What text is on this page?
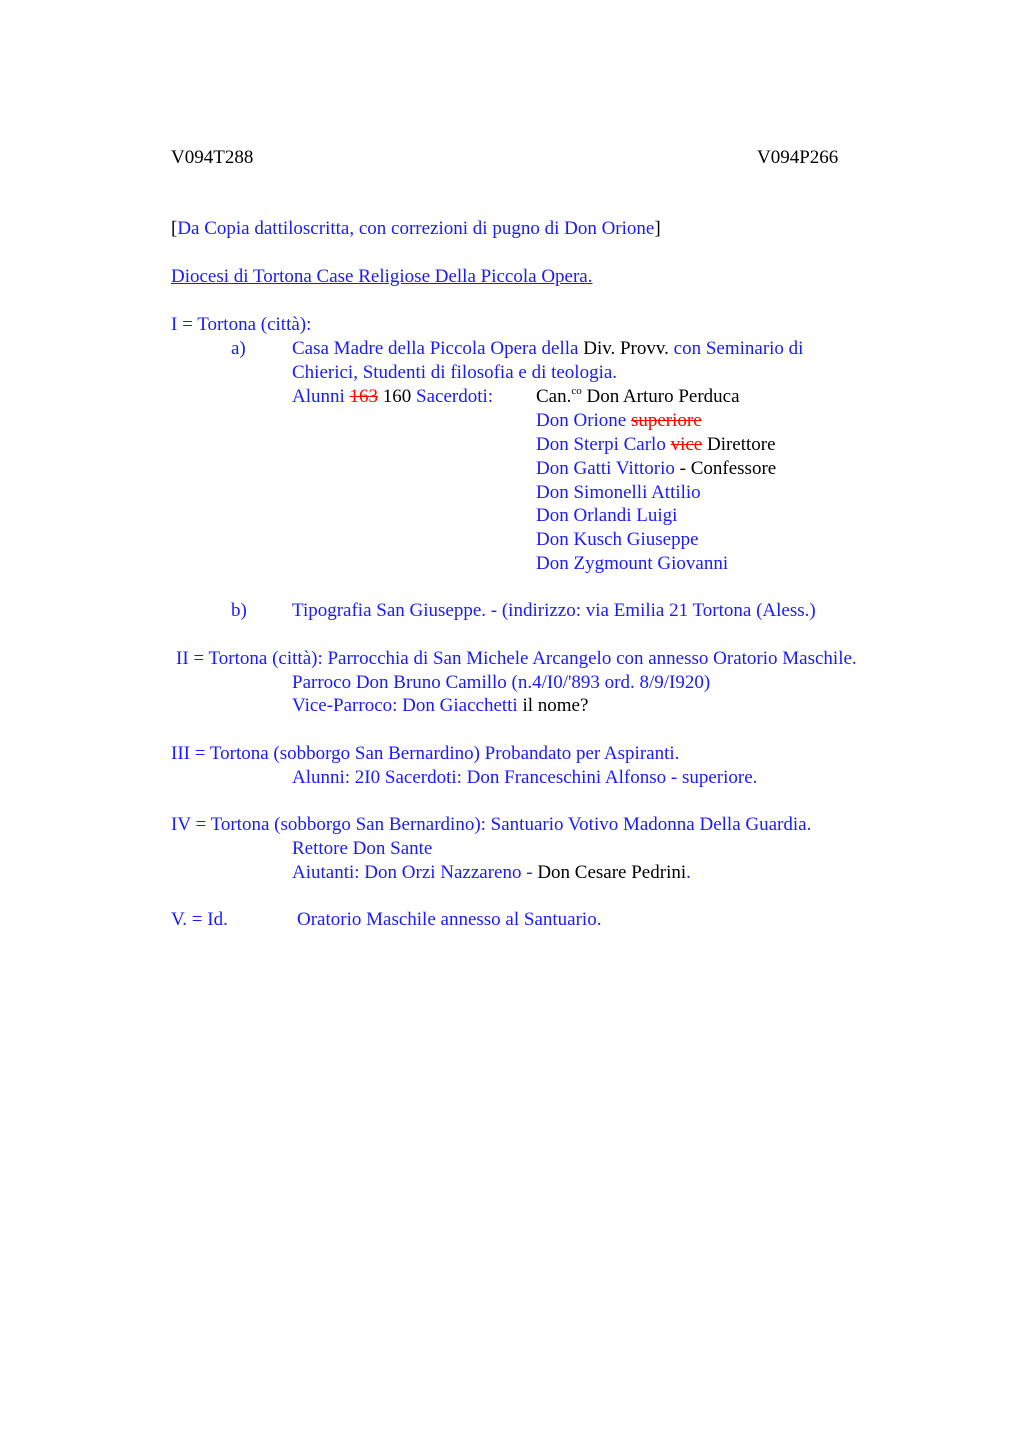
V094T288	V094P266
[Da Copia dattiloscritta, con correzioni di pugno di Don Orione]
Diocesi di Tortona Case Religiose Della Piccola Opera.
I = Tortona (città):
a) Casa Madre della Piccola Opera della Div. Provv. con Seminario di
Chierici, Studenti di filosofia e di teologia.
Alunni 163 160 Sacerdoti: Can.$^{co}$ Don Arturo Perduca
Don Orione superiore
Don Sterpi Carlo vice Direttore
Don Gatti Vittorio - Confessore
Don Simonelli Attilio
Don Orlandi Luigi
Don Kusch Giuseppe
Don Zygmount Giovanni
b) Tipografia San Giuseppe. - (indirizzo: via Emilia 21 Tortona (Aless.)
II = Tortona (città): Parrocchia di San Michele Arcangelo con annesso Oratorio Maschile.
Parroco Don Bruno Camillo (n.4/I0/'893 ord. 8/9/I920)
Vice-Parroco: Don Giacchetti il nome?
III = Tortona (sobborgo San Bernardino) Probandato per Aspiranti.
Alunni: 2I0 Sacerdoti: Don Franceschini Alfonso - superiore.
IV = Tortona (sobborgo San Bernardino): Santuario Votivo Madonna Della Guardia.
Rettore Don Sante
Aiutanti: Don Orzi Nazzareno - Don Cesare Pedrini.
V. = Id.	Oratorio Maschile annesso al Santuario.
